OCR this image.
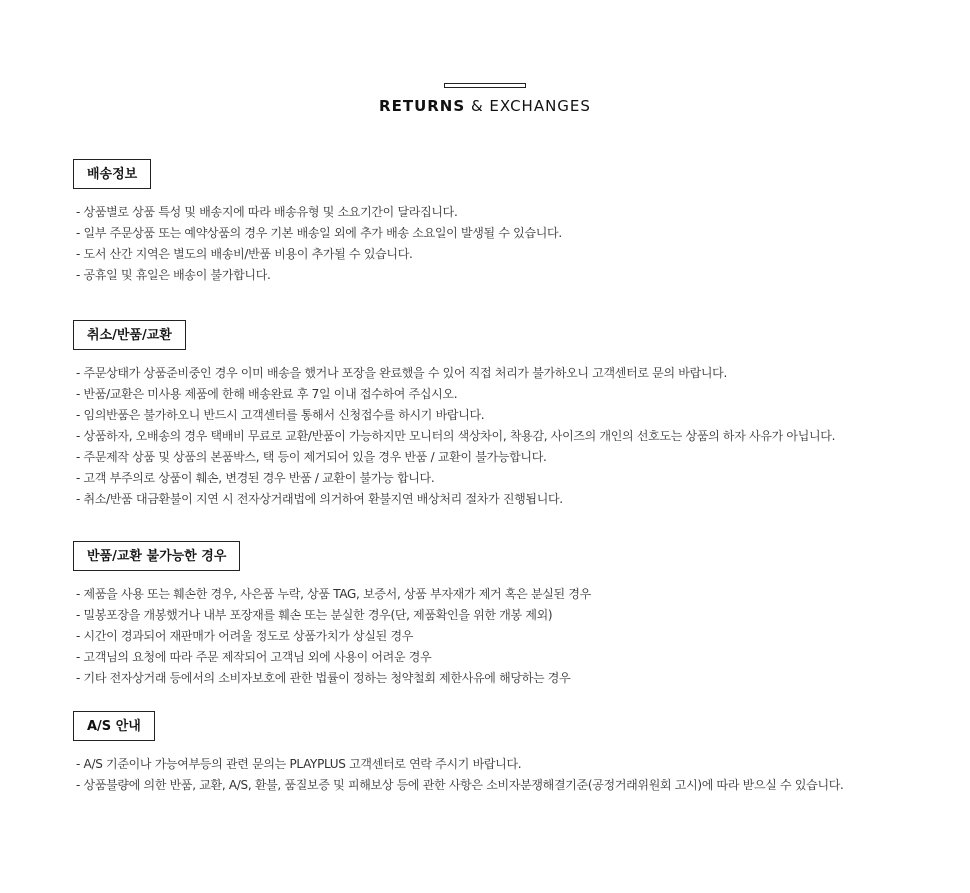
RETURNS & EXCHANGES
배송정보
- 상품별로 상품 특성 및 배송지에 따라 배송유형 및 소요기간이 달라집니다.
- 일부 주문상품 또는 예약상품의 경우 기본 배송일 외에 추가 배송 소요일이 발생될 수 있습니다.
- 도서 산간 지역은 별도의 배송비/반품 비용이 추가될 수 있습니다.
- 공휴일 및 휴일은 배송이 불가합니다.
취소/반품/교환
- 주문상태가 상품준비중인 경우 이미 배송을 했거나 포장을 완료했을 수 있어 직접 처리가 불가하오니 고객센터로 문의 바랍니다.
- 반품/교환은 미사용 제품에 한해 배송완료 후 7일 이내 접수하여 주십시오.
- 임의반품은 불가하오니 반드시 고객센터를 통해서 신청접수를 하시기 바랍니다.
- 상품하자, 오배송의 경우 택배비 무료로 교환/반품이 가능하지만 모니터의 색상차이, 착용감, 사이즈의 개인의 선호도는 상품의 하자 사유가 아닙니다.
- 주문제작 상품 및 상품의 본품박스, 택 등이 제거되어 있을 경우 반품 / 교환이 불가능합니다.
- 고객 부주의로 상품이 훼손, 변경된 경우 반품 / 교환이 불가능 합니다.
- 취소/반품 대금환불이 지연 시 전자상거래법에 의거하여 환불지연 배상처리 절차가 진행됩니다.
반품/교환 불가능한 경우
- 제품을 사용 또는 훼손한 경우, 사은품 누락, 상품 TAG, 보증서, 상품 부자재가 제거 혹은 분실된 경우
- 밀봉포장을 개봉했거나 내부 포장재를 훼손 또는 분실한 경우(단, 제품확인을 위한 개봉 제외)
- 시간이 경과되어 재판매가 어려울 정도로 상품가치가 상실된 경우
- 고객님의 요청에 따라 주문 제작되어 고객님 외에 사용이 어려운 경우
- 기타 전자상거래 등에서의 소비자보호에 관한 법률이 정하는 청약철회 제한사유에 해당하는 경우
A/S 안내
- A/S 기준이나 가능여부등의 관련 문의는 PLAYPLUS 고객센터로 연락 주시기 바랍니다.
- 상품불량에 의한 반품, 교환, A/S, 환불, 품질보증 및 피해보상 등에 관한 사항은 소비자분쟁해결기준(공정거래위원회 고시)에 따라 받으실 수 있습니다.
